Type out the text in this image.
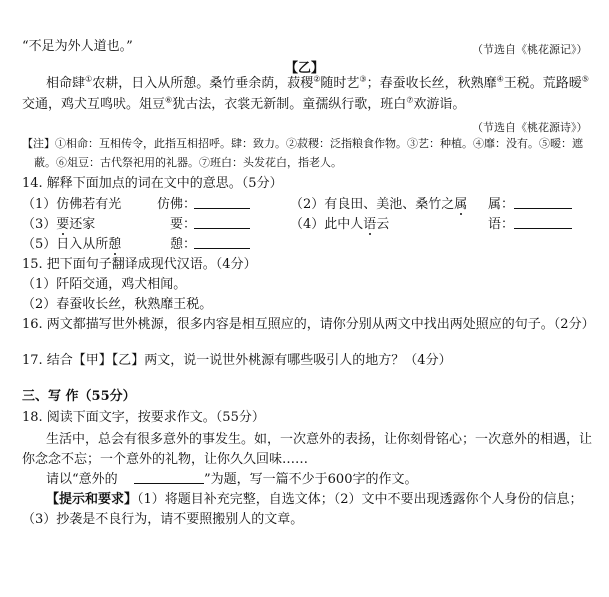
“不足为外人道也。”	（节选自《桃花源记》）
【乙】
相命肆①农耕，日入从所憩。桑竹垂余荫，菽稷②随时艺③；春蚕收长丝，秋熟靡④王税。荒路暧⑤
交通，鸡犬互鸣吠。俎豆⑥犹古法，衣裳无新制。童孺纵行歌，班白⑦欢游诣。
（节选自《桃花源诗》）
【注】①相命：互相传令，此指互相招呼。肆：致力。②菽稷：泛指粮食作物。③艺：种植。④靡：没有。⑤暧：遮
蔽。⑥俎豆：古代祭祀用的礼器。⑦班白：头发花白，指老人。
14. 解释下面加点的词在文中的意思。（5分）
（1）仿佛若有光	仿佛：	（2）有良田、美池、桑竹之属 属：
（3）要还家	要：	（4）此中人语云	语：
（5）日入从所憩	憩：
15. 把下面句子翻译成现代汉语。（4分）
（1）阡陌交通，鸡犬相闻。
（2）春蚕收长丝，秋熟靡王税。
16. 两文都描写世外桃源，很多内容是相互照应的，请你分别从两文中找出两处照应的句子。（2分）
17. 结合【甲】【乙】两文，说一说世外桃源有哪些吸引人的地方？（4分）
三、写 作（55分）
18. 阅读下面文字，按要求作文。（55分）
生活中，总会有很多意外的事发生。如，一次意外的表扬，让你刻骨铭心；一次意外的相遇，让
你念念不忘；一个意外的礼物，让你久久回味……
请以“意外的	”为题，写一篇不少于600字的作文。
【提示和要求】（1）将题目补充完整，自选文体；（2）文中不要出现透露你个人身份的信息；
（3）抄袭是不良行为，请不要照搬别人的文章。
